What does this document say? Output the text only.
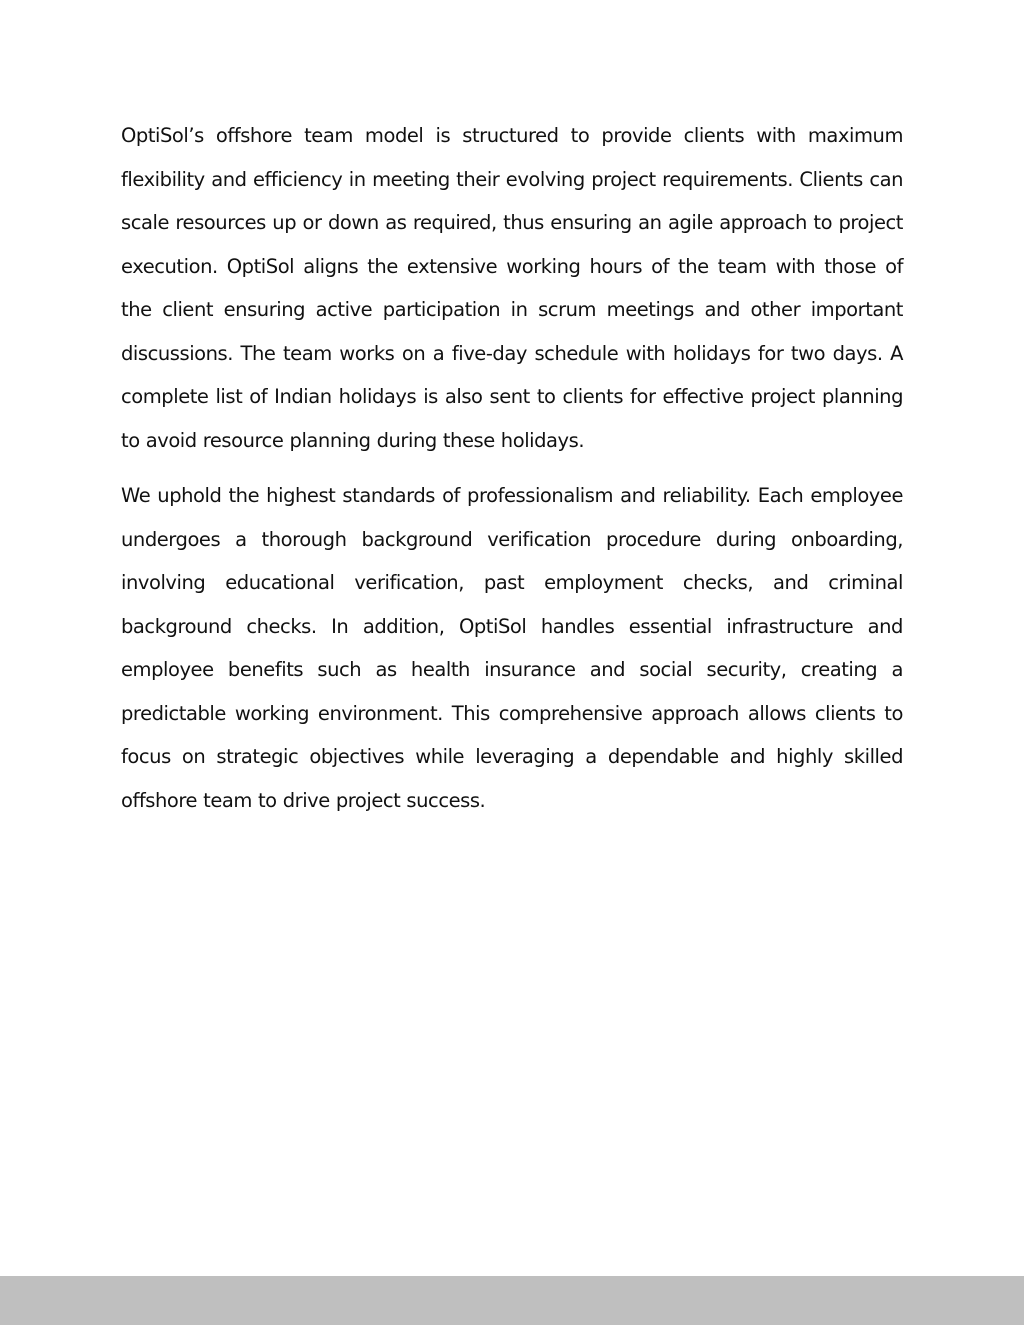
OptiSol’s offshore team model is structured to provide clients with maximum flexibility and efficiency in meeting their evolving project requirements. Clients can scale resources up or down as required, thus ensuring an agile approach to project execution. OptiSol aligns the extensive working hours of the team with those of the client ensuring active participation in scrum meetings and other important discussions. The team works on a five-day schedule with holidays for two days. A complete list of Indian holidays is also sent to clients for effective project planning to avoid resource planning during these holidays.

We uphold the highest standards of professionalism and reliability. Each employee undergoes a thorough background verification procedure during onboarding, involving educational verification, past employment checks, and criminal background checks. In addition, OptiSol handles essential infrastructure and employee benefits such as health insurance and social security, creating a predictable working environment. This comprehensive approach allows clients to focus on strategic objectives while leveraging a dependable and highly skilled offshore team to drive project success.
